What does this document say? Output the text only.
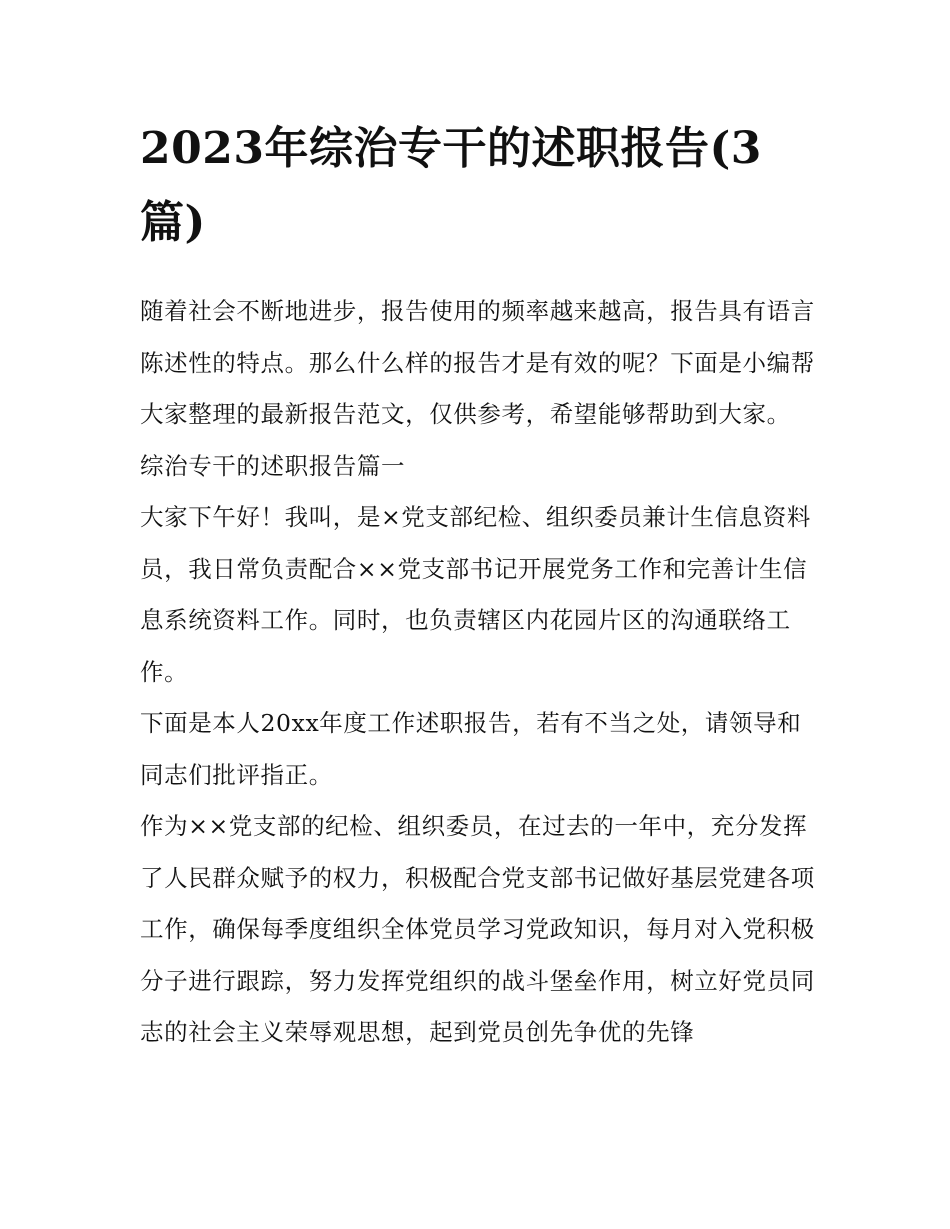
2023年综治专干的述职报告(3篇)

随着社会不断地进步，报告使用的频率越来越高，报告具有语言陈述性的特点。那么什么样的报告才是有效的呢？下面是小编帮大家整理的最新报告范文，仅供参考，希望能够帮助到大家。

综治专干的述职报告篇一

大家下午好！我叫，是×党支部纪检、组织委员兼计生信息资料员，我日常负责配合××党支部书记开展党务工作和完善计生信息系统资料工作。同时，也负责辖区内花园片区的沟通联络工作。

下面是本人20xx年度工作述职报告，若有不当之处，请领导和同志们批评指正。

作为××党支部的纪检、组织委员，在过去的一年中，充分发挥了人民群众赋予的权力，积极配合党支部书记做好基层党建各项工作，确保每季度组织全体党员学习党政知识，每月对入党积极分子进行跟踪，努力发挥党组织的战斗堡垒作用，树立好党员同志的社会主义荣辱观思想，起到党员创先争优的先锋
